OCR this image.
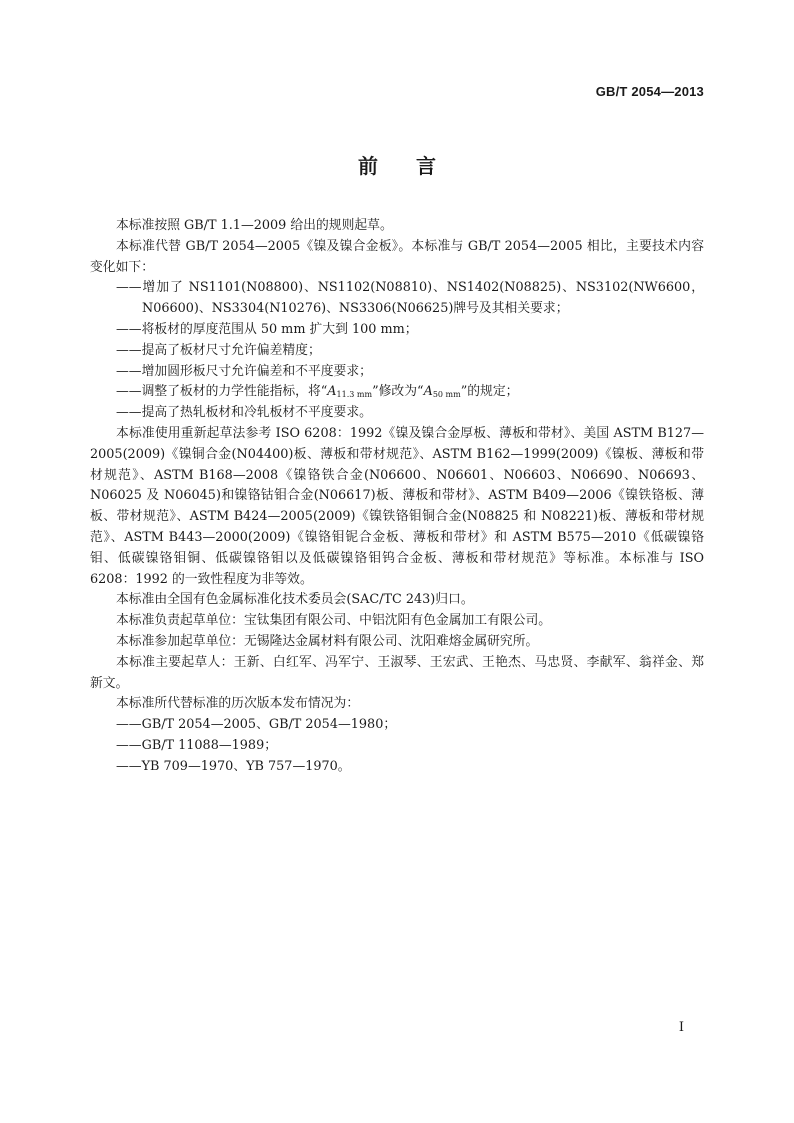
GB/T 2054—2013
前 言

本标准按照 GB/T 1.1—2009 给出的规则起草。

本标准代替 GB/T 2054—2005《镍及镍合金板》。本标准与 GB/T 2054—2005 相比，主要技术内容变化如下：

——增加了 NS1101(N08800)、NS1102(N08810)、NS1402(N08825)、NS3102(NW6600，N06600)、NS3304(N10276)、NS3306(N06625)牌号及其相关要求；

——将板材的厚度范围从 50 mm 扩大到 100 mm；

——提高了板材尺寸允许偏差精度；

——增加圆形板尺寸允许偏差和不平度要求；

——调整了板材的力学性能指标，将“$A_{11.3 mm}$”修改为“$A_{50 mm}$”的规定；

——提高了热轧板材和冷轧板材不平度要求。

本标准使用重新起草法参考 ISO 6208：1992《镍及镍合金厚板、薄板和带材》、美国 ASTM B127—2005(2009)《镍铜合金(N04400)板、薄板和带材规范》、ASTM B162—1999(2009)《镍板、薄板和带材规范》、ASTM B168—2008《镍铬铁合金(N06600、N06601、N06603、N06690、N06693、N06025 及 N06045)和镍铬钴钼合金(N06617)板、薄板和带材》、ASTM B409—2006《镍铁铬板、薄板、带材规范》、ASTM B424—2005(2009)《镍铁铬钼铜合金(N08825 和 N08221)板、薄板和带材规范》、ASTM B443—2000(2009)《镍铬钼铌合金板、薄板和带材》和 ASTM B575—2010《低碳镍铬钼、低碳镍铬钼铜、低碳镍铬钼以及低碳镍铬钼钨合金板、薄板和带材规范》等标准。本标准与 ISO 6208：1992 的一致性程度为非等效。

本标准由全国有色金属标准化技术委员会(SAC/TC 243)归口。

本标准负责起草单位：宝钛集团有限公司、中铝沈阳有色金属加工有限公司。

本标准参加起草单位：无锡隆达金属材料有限公司、沈阳难熔金属研究所。

本标准主要起草人：王新、白红军、冯军宁、王淑琴、王宏武、王艳杰、马忠贤、李献军、翁祥金、郑新文。

本标准所代替标准的历次版本发布情况为：

——GB/T 2054—2005、GB/T 2054—1980；

——GB/T 11088—1989；

——YB 709—1970、YB 757—1970。

I
